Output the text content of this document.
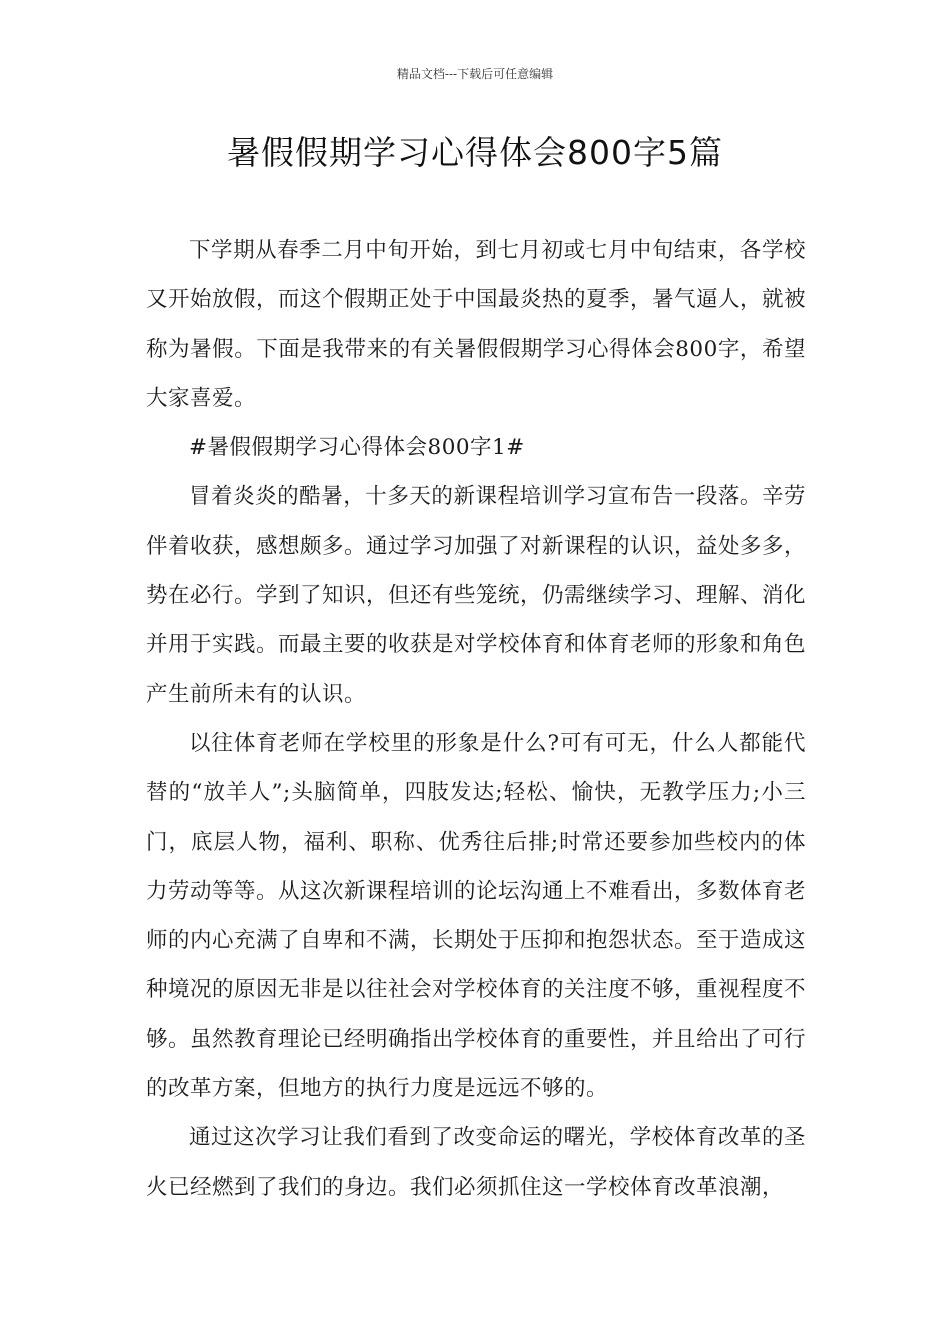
精品文档---下载后可任意编辑
暑假假期学习心得体会800字5篇

下学期从春季二月中旬开始，到七月初或七月中旬结束，各学校又开始放假，而这个假期正处于中国最炎热的夏季，暑气逼人，就被称为暑假。下面是我带来的有关暑假假期学习心得体会800字，希望大家喜爱。

#暑假假期学习心得体会800字1#

冒着炎炎的酷暑，十多天的新课程培训学习宣布告一段落。辛劳伴着收获，感想颇多。通过学习加强了对新课程的认识，益处多多，势在必行。学到了知识，但还有些笼统，仍需继续学习、理解、消化并用于实践。而最主要的收获是对学校体育和体育老师的形象和角色产生前所未有的认识。

以往体育老师在学校里的形象是什么?可有可无，什么人都能代替的“放羊人”;头脑简单，四肢发达;轻松、愉快，无教学压力;小三门，底层人物，福利、职称、优秀往后排;时常还要参加些校内的体力劳动等等。从这次新课程培训的论坛沟通上不难看出，多数体育老师的内心充满了自卑和不满，长期处于压抑和抱怨状态。至于造成这种境况的原因无非是以往社会对学校体育的关注度不够，重视程度不够。虽然教育理论已经明确指出学校体育的重要性，并且给出了可行的改革方案，但地方的执行力度是远远不够的。

通过这次学习让我们看到了改变命运的曙光，学校体育改革的圣火已经燃到了我们的身边。我们必须抓住这一学校体育改革浪潮，
